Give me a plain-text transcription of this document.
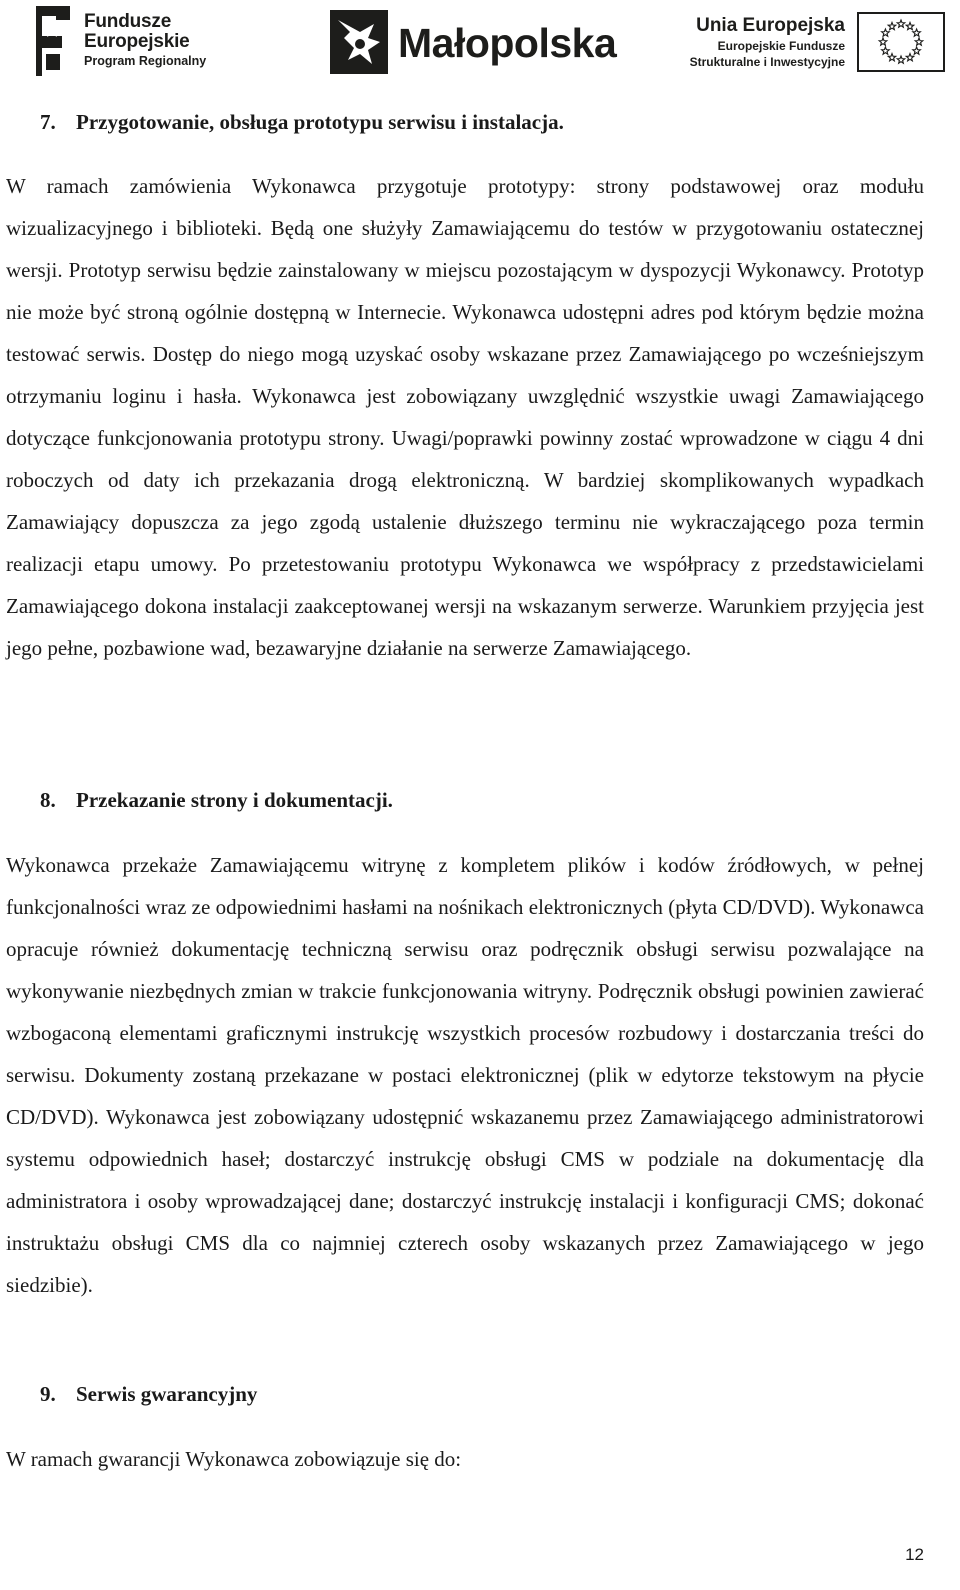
Fundusze
Europejskie
Program Regionalny	Małopolska	Unia Europejska
Europejskie Fundusze
Strukturalne i Inwestycyjne
7. Przygotowanie, obsługa prototypu serwisu i instalacja.

W ramach zamówienia Wykonawca przygotuje prototypy: strony podstawowej oraz modułu wizualizacyjnego i biblioteki. Będą one służyły Zamawiającemu do testów w przygotowaniu ostatecznej wersji. Prototyp serwisu będzie zainstalowany w miejscu pozostającym w dyspozycji Wykonawcy. Prototyp nie może być stroną ogólnie dostępną w Internecie. Wykonawca udostępni adres pod którym będzie można testować serwis. Dostęp do niego mogą uzyskać osoby wskazane przez Zamawiającego po wcześniejszym otrzymaniu loginu i hasła. Wykonawca jest zobowiązany uwzględnić wszystkie uwagi Zamawiającego dotyczące funkcjonowania prototypu strony. Uwagi/poprawki powinny zostać wprowadzone w ciągu 4 dni roboczych od daty ich przekazania drogą elektroniczną. W bardziej skomplikowanych wypadkach Zamawiający dopuszcza za jego zgodą ustalenie dłuższego terminu nie wykraczającego poza termin realizacji etapu umowy. Po przetestowaniu prototypu Wykonawca we współpracy z przedstawicielami Zamawiającego dokona instalacji zaakceptowanej wersji na wskazanym serwerze. Warunkiem przyjęcia jest jego pełne, pozbawione wad, bezawaryjne działanie na serwerze Zamawiającego.

8. Przekazanie strony i dokumentacji.

Wykonawca przekaże Zamawiającemu witrynę z kompletem plików i kodów źródłowych, w pełnej funkcjonalności wraz ze odpowiednimi hasłami na nośnikach elektronicznych (płyta CD/DVD). Wykonawca opracuje również dokumentację techniczną serwisu oraz podręcznik obsługi serwisu pozwalające na wykonywanie niezbędnych zmian w trakcie funkcjonowania witryny. Podręcznik obsługi powinien zawierać wzbogaconą elementami graficznymi instrukcję wszystkich procesów rozbudowy i dostarczania treści do serwisu. Dokumenty zostaną przekazane w postaci elektronicznej (plik w edytorze tekstowym na płycie CD/DVD). Wykonawca jest zobowiązany udostępnić wskazanemu przez Zamawiającego administratorowi systemu odpowiednich haseł; dostarczyć instrukcję obsługi CMS w podziale na dokumentację dla administratora i osoby wprowadzającej dane; dostarczyć instrukcję instalacji i konfiguracji CMS; dokonać instruktażu obsługi CMS dla co najmniej czterech osoby wskazanych przez Zamawiającego w jego siedzibie).

9. Serwis gwarancyjny

W ramach gwarancji Wykonawca zobowiązuje się do:

12
